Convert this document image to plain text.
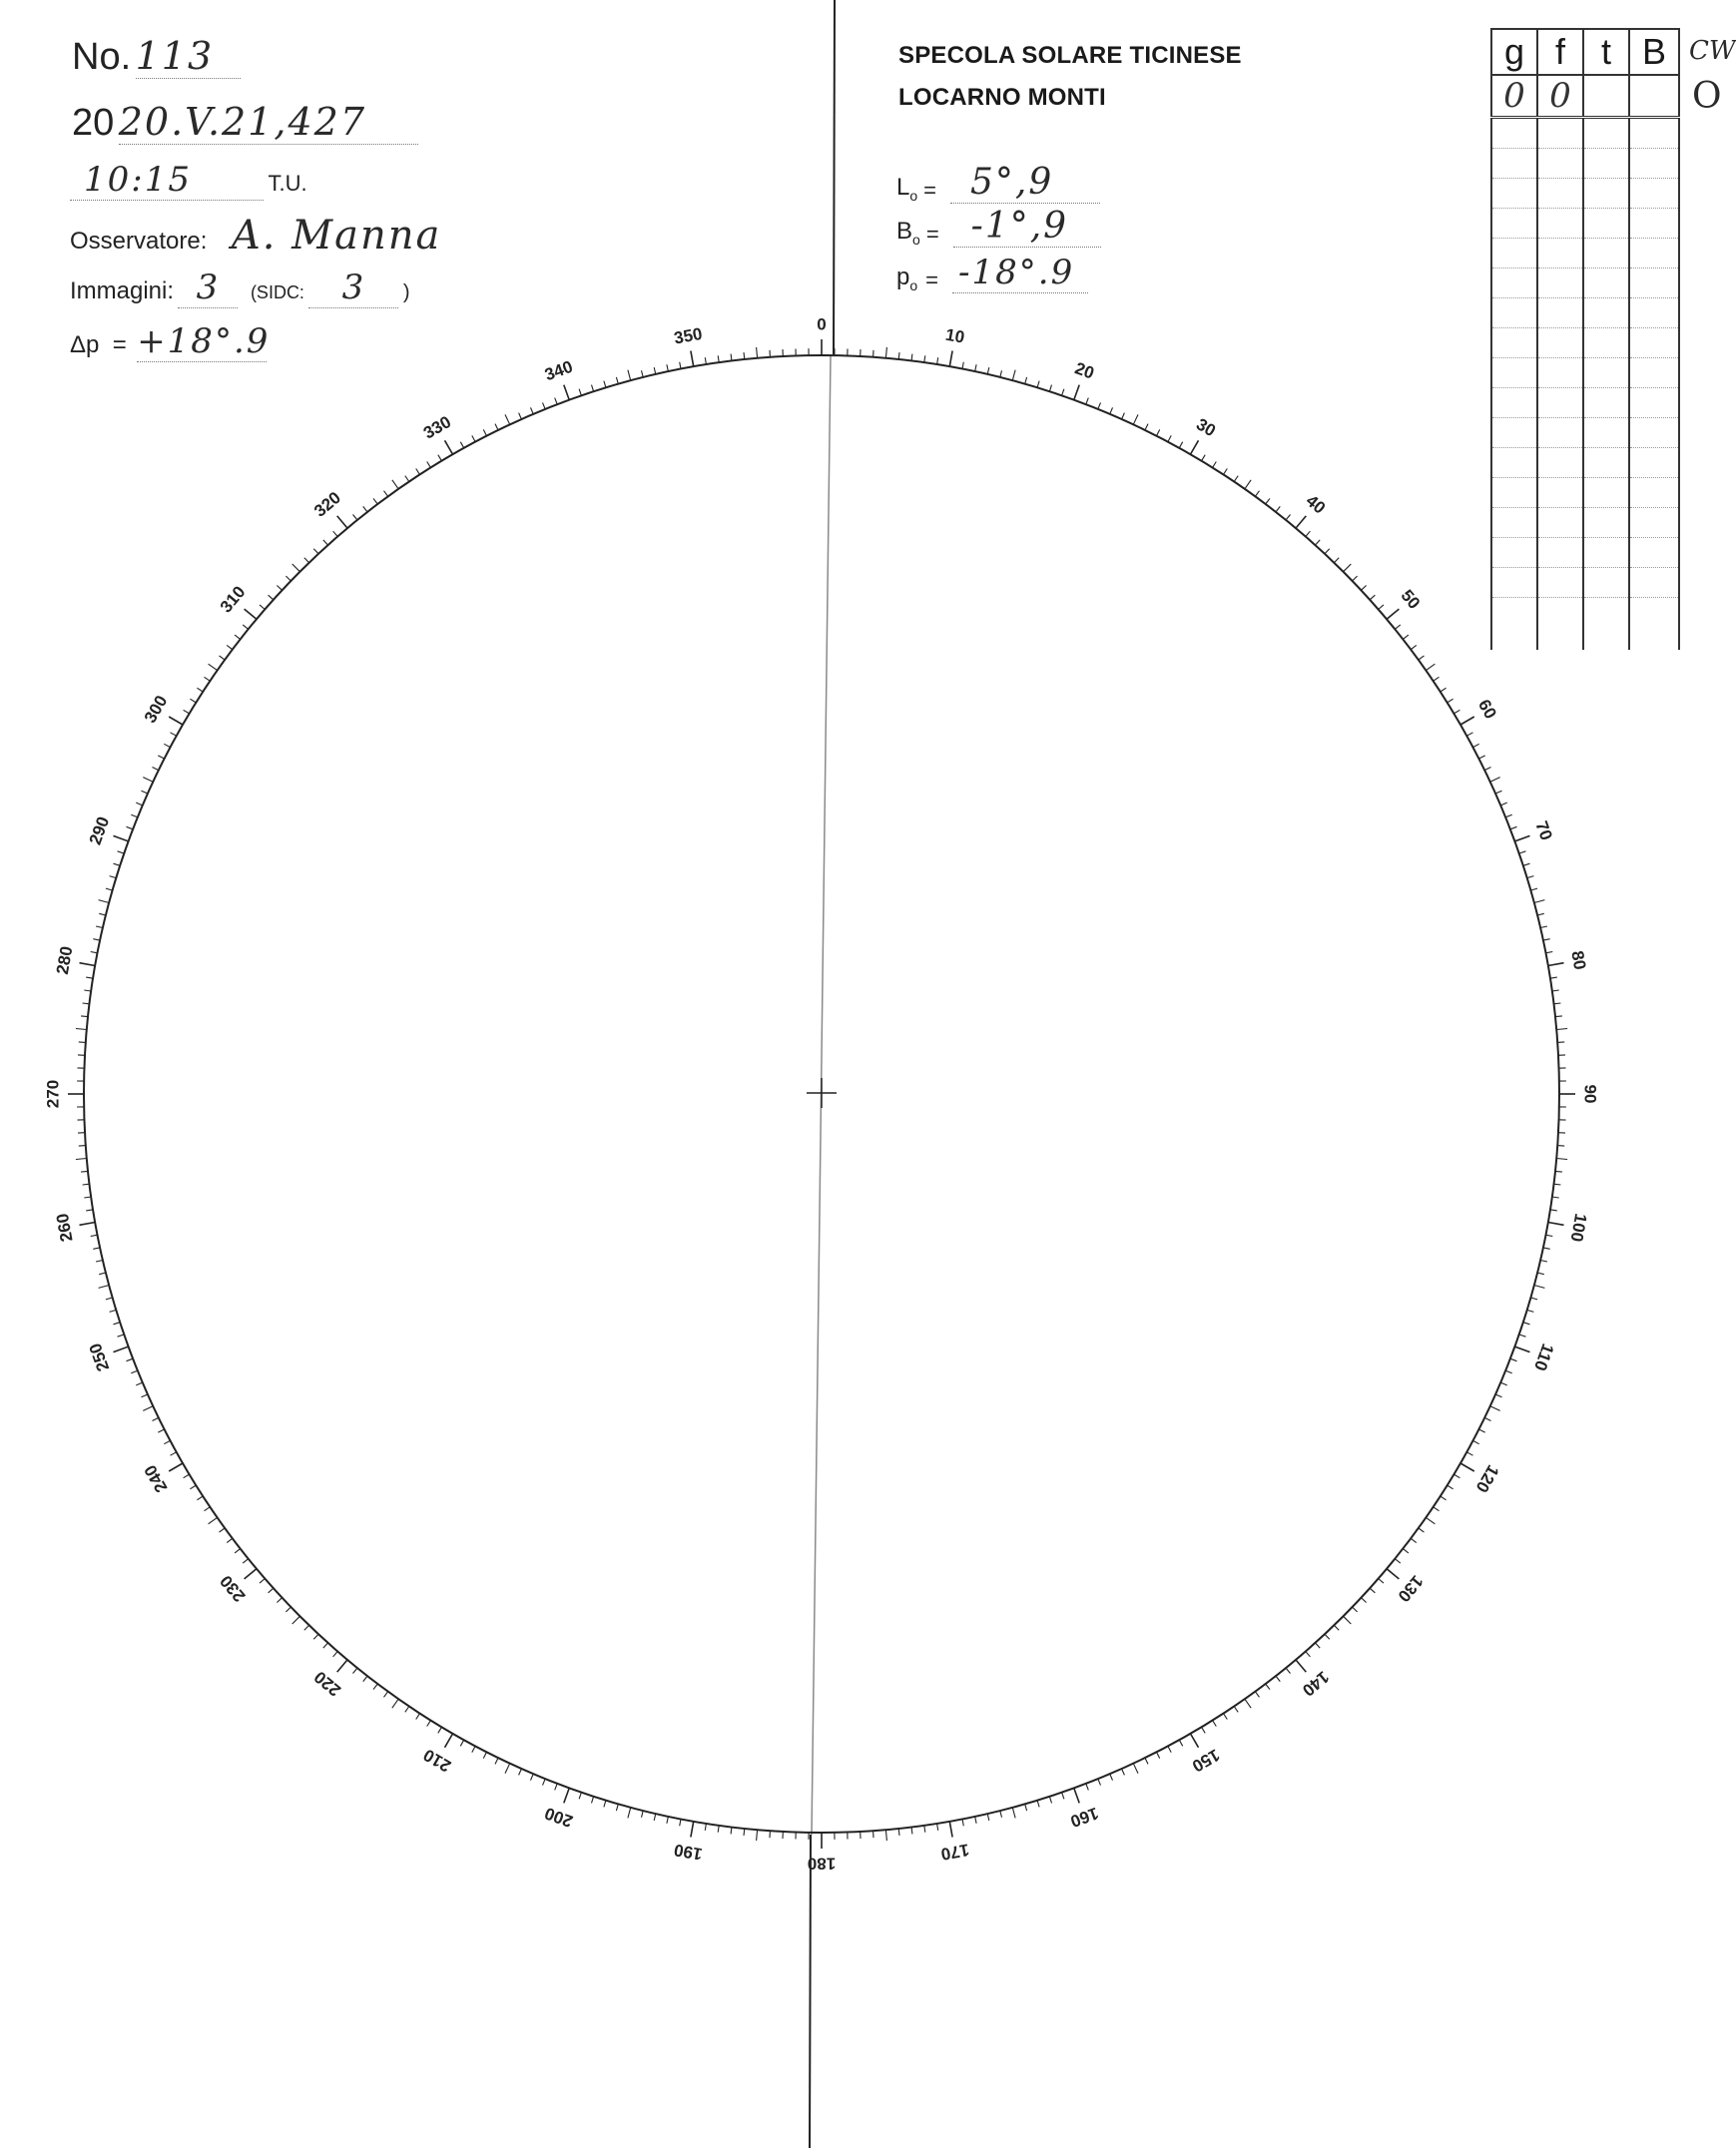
No. 113
20 20.V.21,427
10:15	T.U.
Osservatore: A. Manna
Immagini: 3 (SIDC: 3 )
Δp  = +18°.9
SPECOLA SOLARE TICINESE
LOCARNO MONTI
$L_o = 5^\circ,9$
$B_o = -1^\circ,9$
$p_o = -18^\circ.9$
g	f	t	B
0	0		

CW
O
0
10
20
30
40
50
60
70
80
90
100
110
120
130
140
150
160
170
180
190
200
210
220
230
240
250
260
270
280
290
300
310
320
330
340
350
